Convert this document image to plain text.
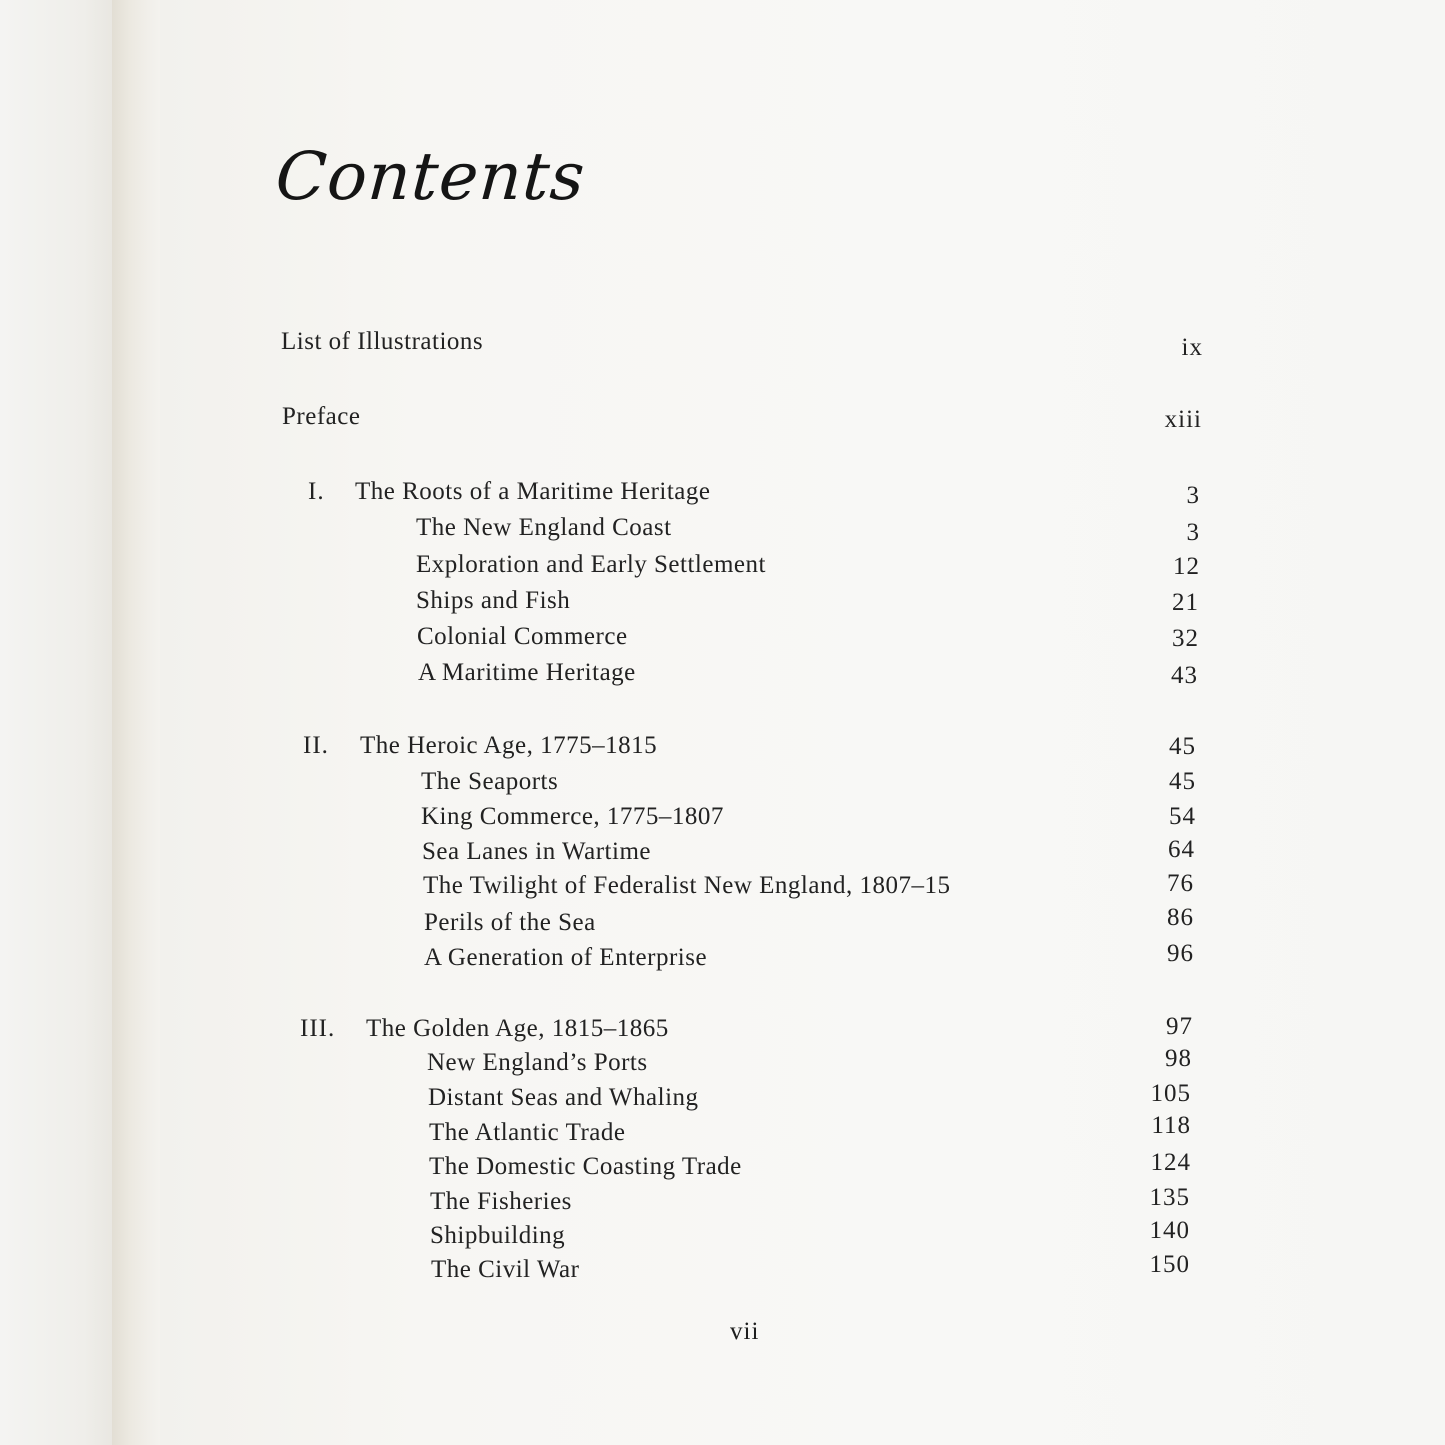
Contents
List of Illustrations	ix
Preface	xiii
I. The Roots of a Maritime Heritage	3
The New England Coast	3
Exploration and Early Settlement	12
Ships and Fish	21
Colonial Commerce	32
A Maritime Heritage	43
II. The Heroic Age, 1775–1815	45
The Seaports	45
King Commerce, 1775–1807	54
Sea Lanes in Wartime	64
The Twilight of Federalist New England, 1807–15	76
Perils of the Sea	86
A Generation of Enterprise	96
III. The Golden Age, 1815–1865	97
New England’s Ports	98
Distant Seas and Whaling	105
The Atlantic Trade	118
The Domestic Coasting Trade	124
The Fisheries	135
Shipbuilding	140
The Civil War	150
vii
